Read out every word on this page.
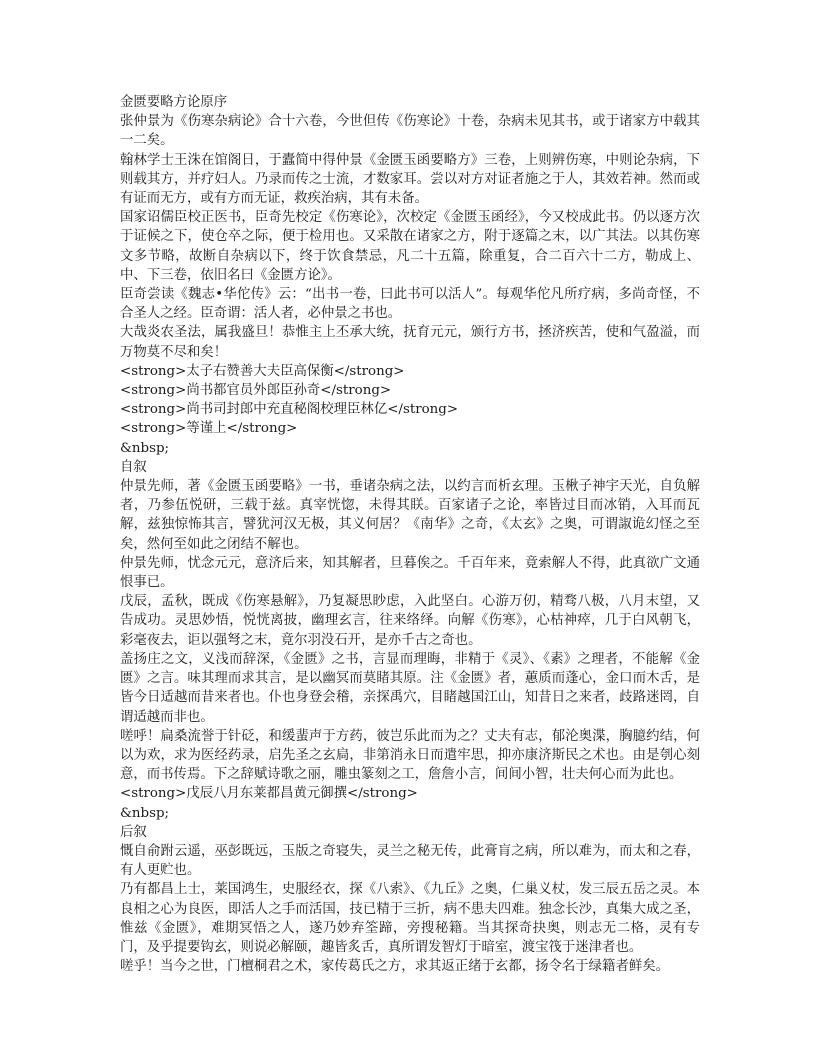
金匮要略方论原序

张仲景为《伤寒杂病论》合十六卷，今世但传《伤寒论》十卷，杂病未见其书，或于诸家方中载其一二矣。

翰林学士王洙在馆阁日，于蠹简中得仲景《金匮玉函要略方》三卷，上则辨伤寒，中则论杂病，下则载其方，并疗妇人。乃录而传之士流，才数家耳。尝以对方对证者施之于人，其效若神。然而或有证而无方，或有方而无证，救疾治病，其有未备。

国家诏儒臣校正医书，臣奇先校定《伤寒论》，次校定《金匮玉函经》，今又校成此书。仍以逐方次于证候之下，使仓卒之际，便于检用也。又采散在诸家之方，附于逐篇之末，以广其法。以其伤寒文多节略，故断自杂病以下，终于饮食禁忌，凡二十五篇，除重复，合二百六十二方，勒成上、中、下三卷，依旧名曰《金匮方论》。

臣奇尝读《魏志•华佗传》云：“出书一卷，曰此书可以活人”。每观华佗凡所疗病，多尚奇怪，不合圣人之经。臣奇谓：活人者，必仲景之书也。

大哉炎农圣法，属我盛旦！恭惟主上丕承大统，抚育元元，颁行方书，拯济疾苦，使和气盈溢，而万物莫不尽和矣！

<strong>太子右赞善大夫臣高保衡</strong>

<strong>尚书都官员外郎臣孙奇</strong>

<strong>尚书司封郎中充直秘阁校理臣林亿</strong>

<strong>等谨上</strong>

&nbsp;

自叙

仲景先师，著《金匮玉函要略》一书，垂诸杂病之法，以约言而析玄理。玉楸子神宇天光，自负解者，乃参伍悦研，三载于兹。真宰恍惚，未得其眹。百家诸子之论，率皆过目而冰销，入耳而瓦解，兹独惊怖其言，譬犹河汉无极，其义何居？《南华》之奇，《太玄》之奥，可谓諔诡幻怪之至矣，然何至如此之闭结不解也。

仲景先师，忧念元元，意济后来，知其解者，旦暮俟之。千百年来，竟索解人不得，此真欲广文通恨事已。

戊辰，孟秋，既成《伤寒悬解》，乃复凝思眇虑，入此坚白。心游万仞，精骛八极，八月末望，又告成功。灵思妙悟，悦恍离披，幽理玄言，往来络绎。向解《伤寒》，心枯神瘁，几于白风朝飞，彩毫夜去，讵以强弩之末，竟尔羽没石开，是亦千古之奇也。

盖扬庄之文，义浅而辞深，《金匮》之书，言显而理晦，非精于《灵》、《素》之理者，不能解《金匮》之言。味其理而求其言，是以幽冥而莫睹其原。注《金匮》者，蕙质而蓬心，金口而木舌，是皆今日适越而昔来者也。仆也身登会稽，亲探禹穴，目睹越国江山，知昔日之来者，歧路迷罔，自谓适越而非也。

嗟呼！扁桑流誉于针砭，和缓蜚声于方药，彼岂乐此而为之？丈夫有志，郁沦奥渫，胸臆约结，何以为欢，求为医经药录，启先圣之玄扃，非第消永日而遣牢思，抑亦康济斯民之术也。由是刳心刻意，而书传焉。下之辞赋诗歌之丽，雕虫篆刻之工，詹詹小言，间间小智，壮夫何心而为此也。

<strong>戊辰八月东莱都昌黄元御撰</strong>

&nbsp;

后叙

慨自俞跗云遥，巫彭既远，玉版之奇寝失，灵兰之秘无传，此膏肓之病，所以难为，而太和之春，有人更贮也。

乃有都昌上士，莱国鸿生，史服经衣，探《八索》、《九丘》之奥，仁巢义杖，发三辰五岳之灵。本良相之心为良医，即活人之手而活国，技已精于三折，病不患夫四难。独念长沙，真集大成之圣，惟兹《金匮》，难期冥悟之人，遂乃妙弃筌蹄，旁搜秘籍。当其探奇抉奥，则志无二格，灵有专门，及乎提要钩玄，则说必解颐，趣皆炙舌，真所谓发智灯于暗室，渡宝筏于迷津者也。

嗟乎！当今之世，门檀桐君之术，家传葛氏之方，求其返正绪于玄都，扬令名于绿籍者鲜矣。
